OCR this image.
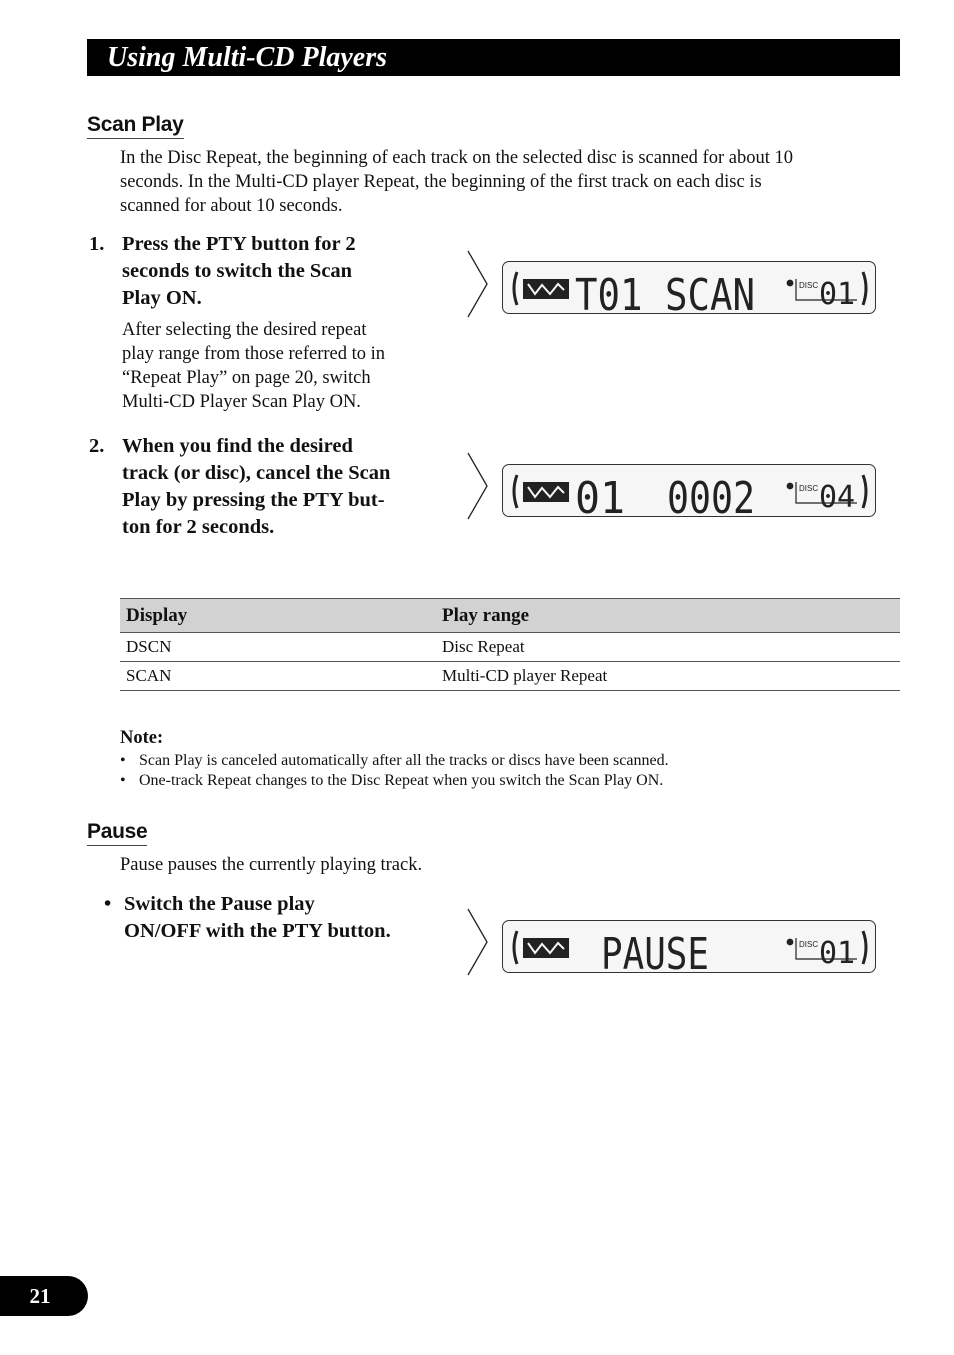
Using Multi-CD Players
Scan Play
In the Disc Repeat, the beginning of each track on the selected disc is scanned for about 10
seconds. In the Multi-CD player Repeat, the beginning of the first track on each disc is
scanned for about 10 seconds.
1. Press the PTY button for 2
seconds to switch the Scan
Play ON.
After selecting the desired repeat
play range from those referred to in
“Repeat Play” on page 20, switch
Multi-CD Player Scan Play ON.
T01 SCAN	DISC 01
2. When you find the desired
track (or disc), cancel the Scan
Play by pressing the PTY but-
ton for 2 seconds.
01 0002	DISC 04
Display	Play range
DSCN	Disc Repeat
SCAN	Multi-CD player Repeat
Note:
• Scan Play is canceled automatically after all the tracks or discs have been scanned.
• One-track Repeat changes to the Disc Repeat when you switch the Scan Play ON.
Pause
Pause pauses the currently playing track.
• Switch the Pause play
ON/OFF with the PTY button.	PAUSE	DISC 01
21
